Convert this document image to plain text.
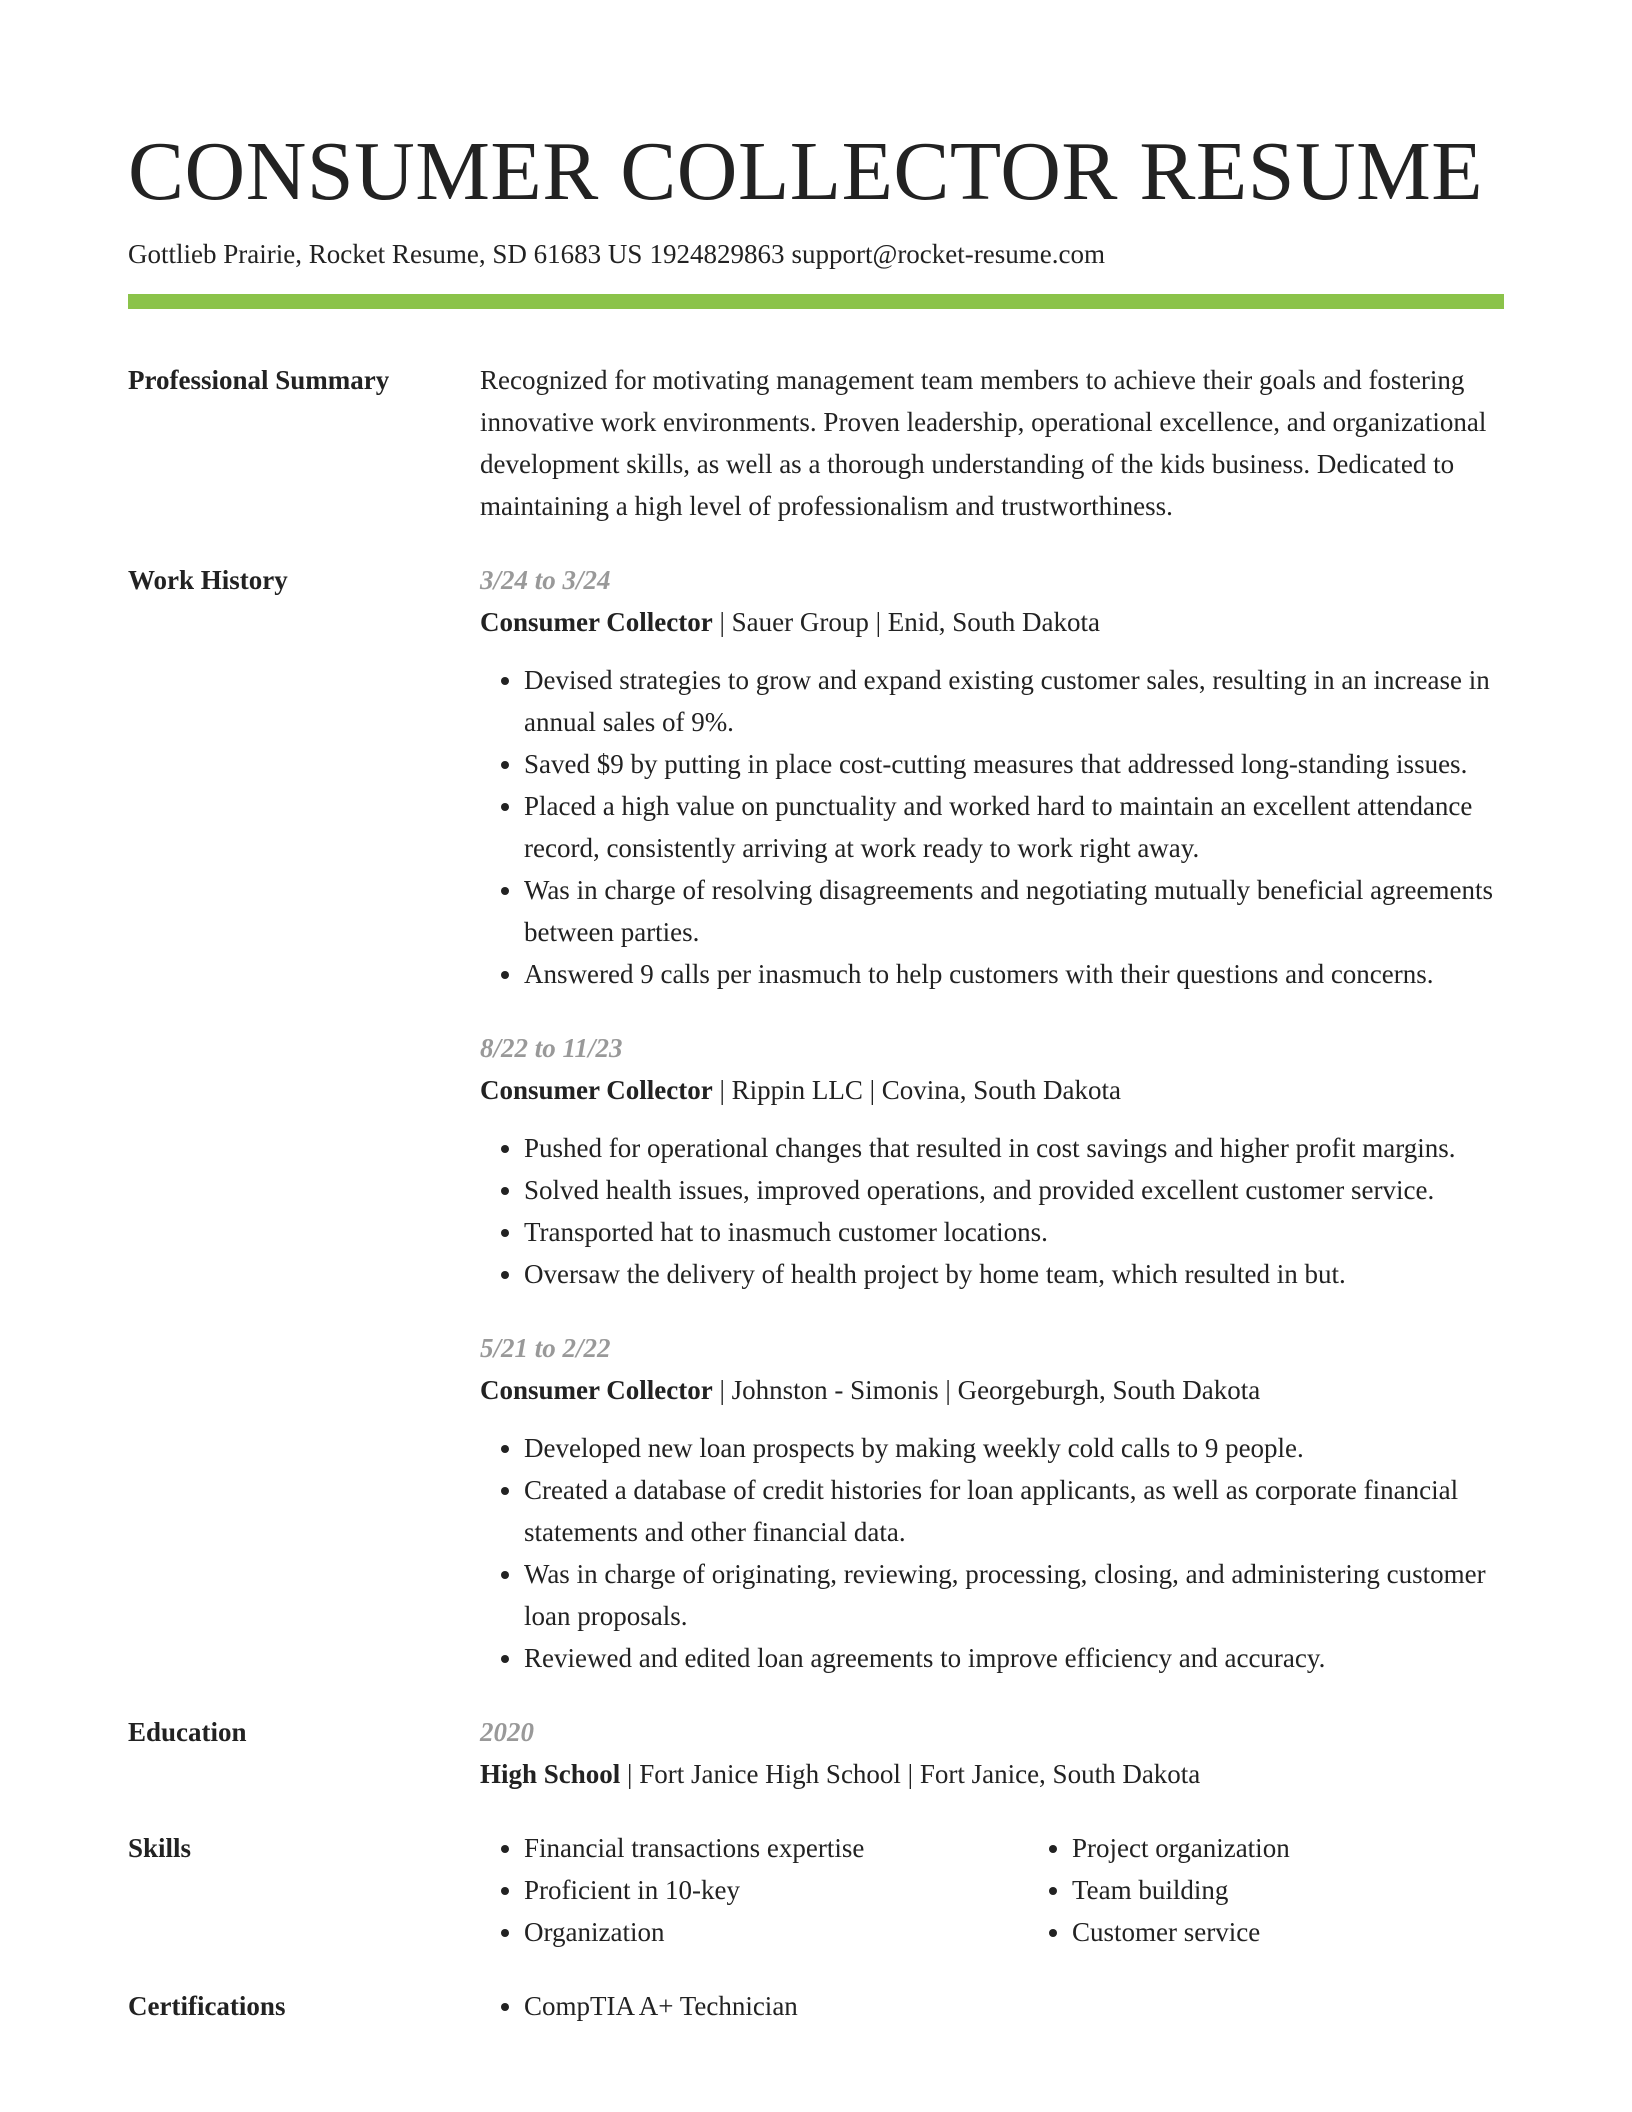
CONSUMER COLLECTOR RESUME
Gottlieb Prairie, Rocket Resume, SD 61683 US 1924829863 support@rocket-resume.com
Professional Summary	Recognized for motivating management team members to achieve their goals and fostering innovative work environments. Proven leadership, operational excellence, and organizational development skills, as well as a thorough understanding of the kids business. Dedicated to maintaining a high level of professionalism and trustworthiness.
Work History	3/24 to 3/24
Consumer Collector | Sauer Group | Enid, South Dakota
• Devised strategies to grow and expand existing customer sales, resulting in an increase in annual sales of 9%.
• Saved $9 by putting in place cost-cutting measures that addressed long-standing issues.
• Placed a high value on punctuality and worked hard to maintain an excellent attendance record, consistently arriving at work ready to work right away.
• Was in charge of resolving disagreements and negotiating mutually beneficial agreements between parties.
• Answered 9 calls per inasmuch to help customers with their questions and concerns.
8/22 to 11/23
Consumer Collector | Rippin LLC | Covina, South Dakota
• Pushed for operational changes that resulted in cost savings and higher profit margins.
• Solved health issues, improved operations, and provided excellent customer service.
• Transported hat to inasmuch customer locations.
• Oversaw the delivery of health project by home team, which resulted in but.
5/21 to 2/22
Consumer Collector | Johnston - Simonis | Georgeburgh, South Dakota
• Developed new loan prospects by making weekly cold calls to 9 people.
• Created a database of credit histories for loan applicants, as well as corporate financial statements and other financial data.
• Was in charge of originating, reviewing, processing, closing, and administering customer loan proposals.
• Reviewed and edited loan agreements to improve efficiency and accuracy.
Education	2020
High School | Fort Janice High School | Fort Janice, South Dakota
Skills	• Financial transactions expertise
• Proficient in 10-key
• Organization
• Project organization
• Team building
• Customer service
Certifications	• CompTIA A+ Technician
